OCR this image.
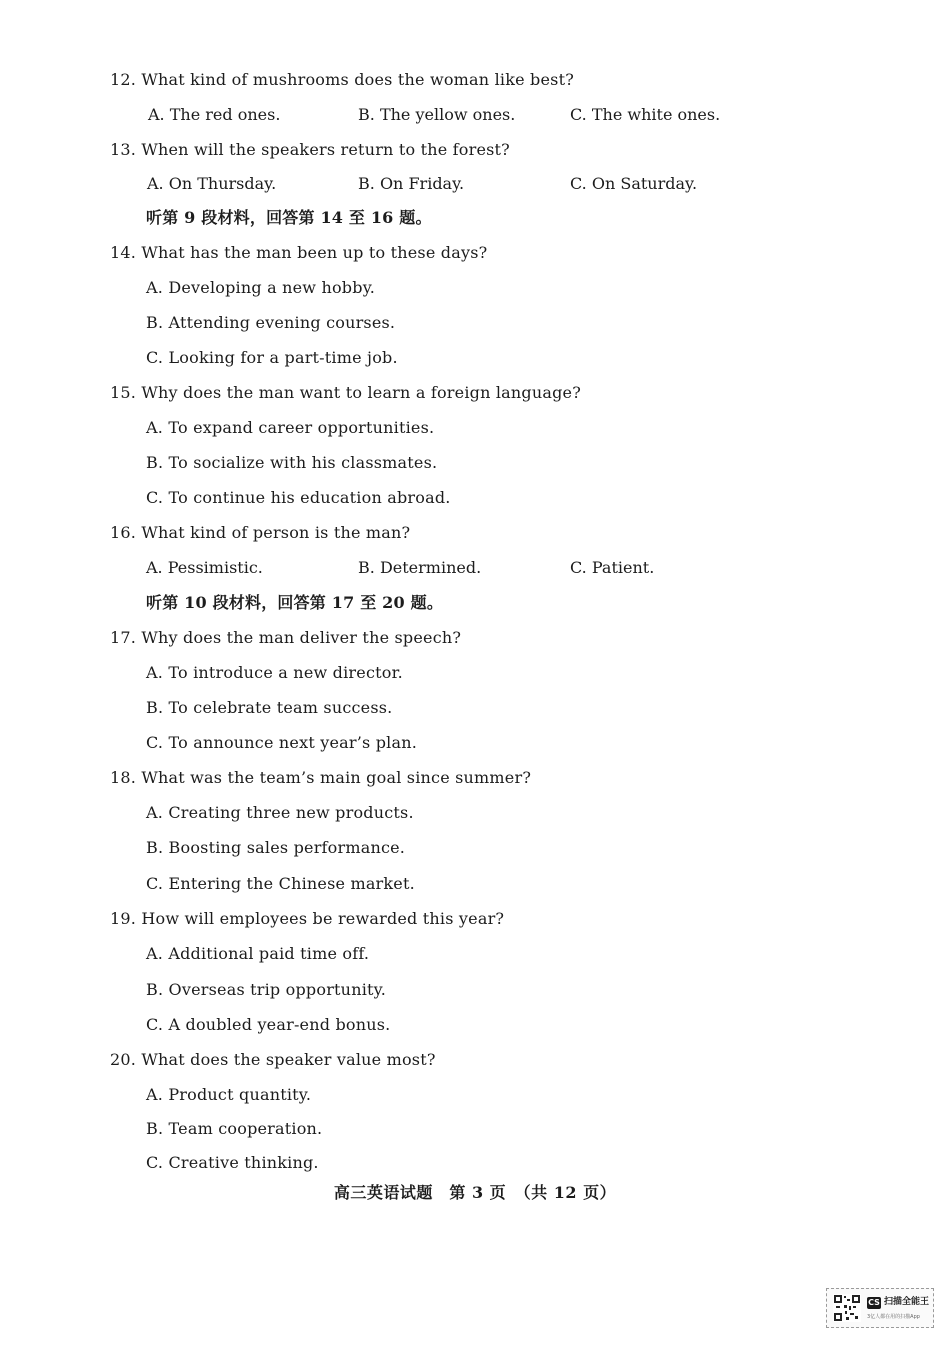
12. What kind of mushrooms does the woman like best?
A. The red ones.	B. The yellow ones.	C. The white ones.
13. When will the speakers return to the forest?
A. On Thursday.	B. On Friday.	C. On Saturday.
听第 9 段材料，回答第 14 至 16 题。
14. What has the man been up to these days?
A. Developing a new hobby.
B. Attending evening courses.
C. Looking for a part-time job.
15. Why does the man want to learn a foreign language?
A. To expand career opportunities.
B. To socialize with his classmates.
C. To continue his education abroad.
16. What kind of person is the man?
A. Pessimistic.	B. Determined.	C. Patient.
听第 10 段材料，回答第 17 至 20 题。
17. Why does the man deliver the speech?
A. To introduce a new director.
B. To celebrate team success.
C. To announce next year’s plan.
18. What was the team’s main goal since summer?
A. Creating three new products.
B. Boosting sales performance.
C. Entering the Chinese market.
19. How will employees be rewarded this year?
A. Additional paid time off.
B. Overseas trip opportunity.
C. A doubled year-end bonus.
20. What does the speaker value most?
A. Product quantity.
B. Team cooperation.
C. Creative thinking.
高三英语试题　第 3 页　（共 12 页）
CS 扫描全能王
3亿人都在用的扫描App
